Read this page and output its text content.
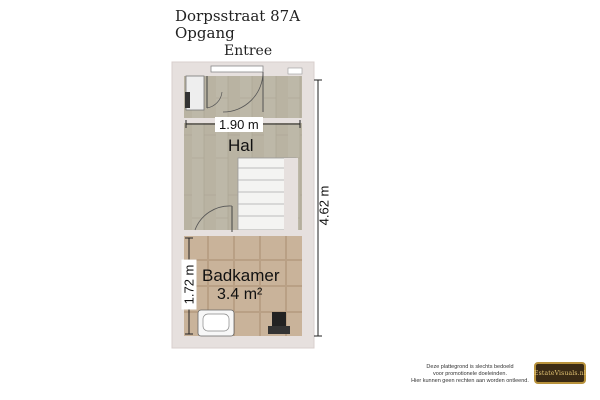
Dorpsstraat 87A
Opgang
Entree
1.90 m
Hal
Badkamer
3.4 m²
4.62 m
1.72 m
Deze plattegrond is slechts bedoeld
voor promotionele doeleinden.
Hier kunnen geen rechten aan worden ontleend.
EstateVisuals.nl
